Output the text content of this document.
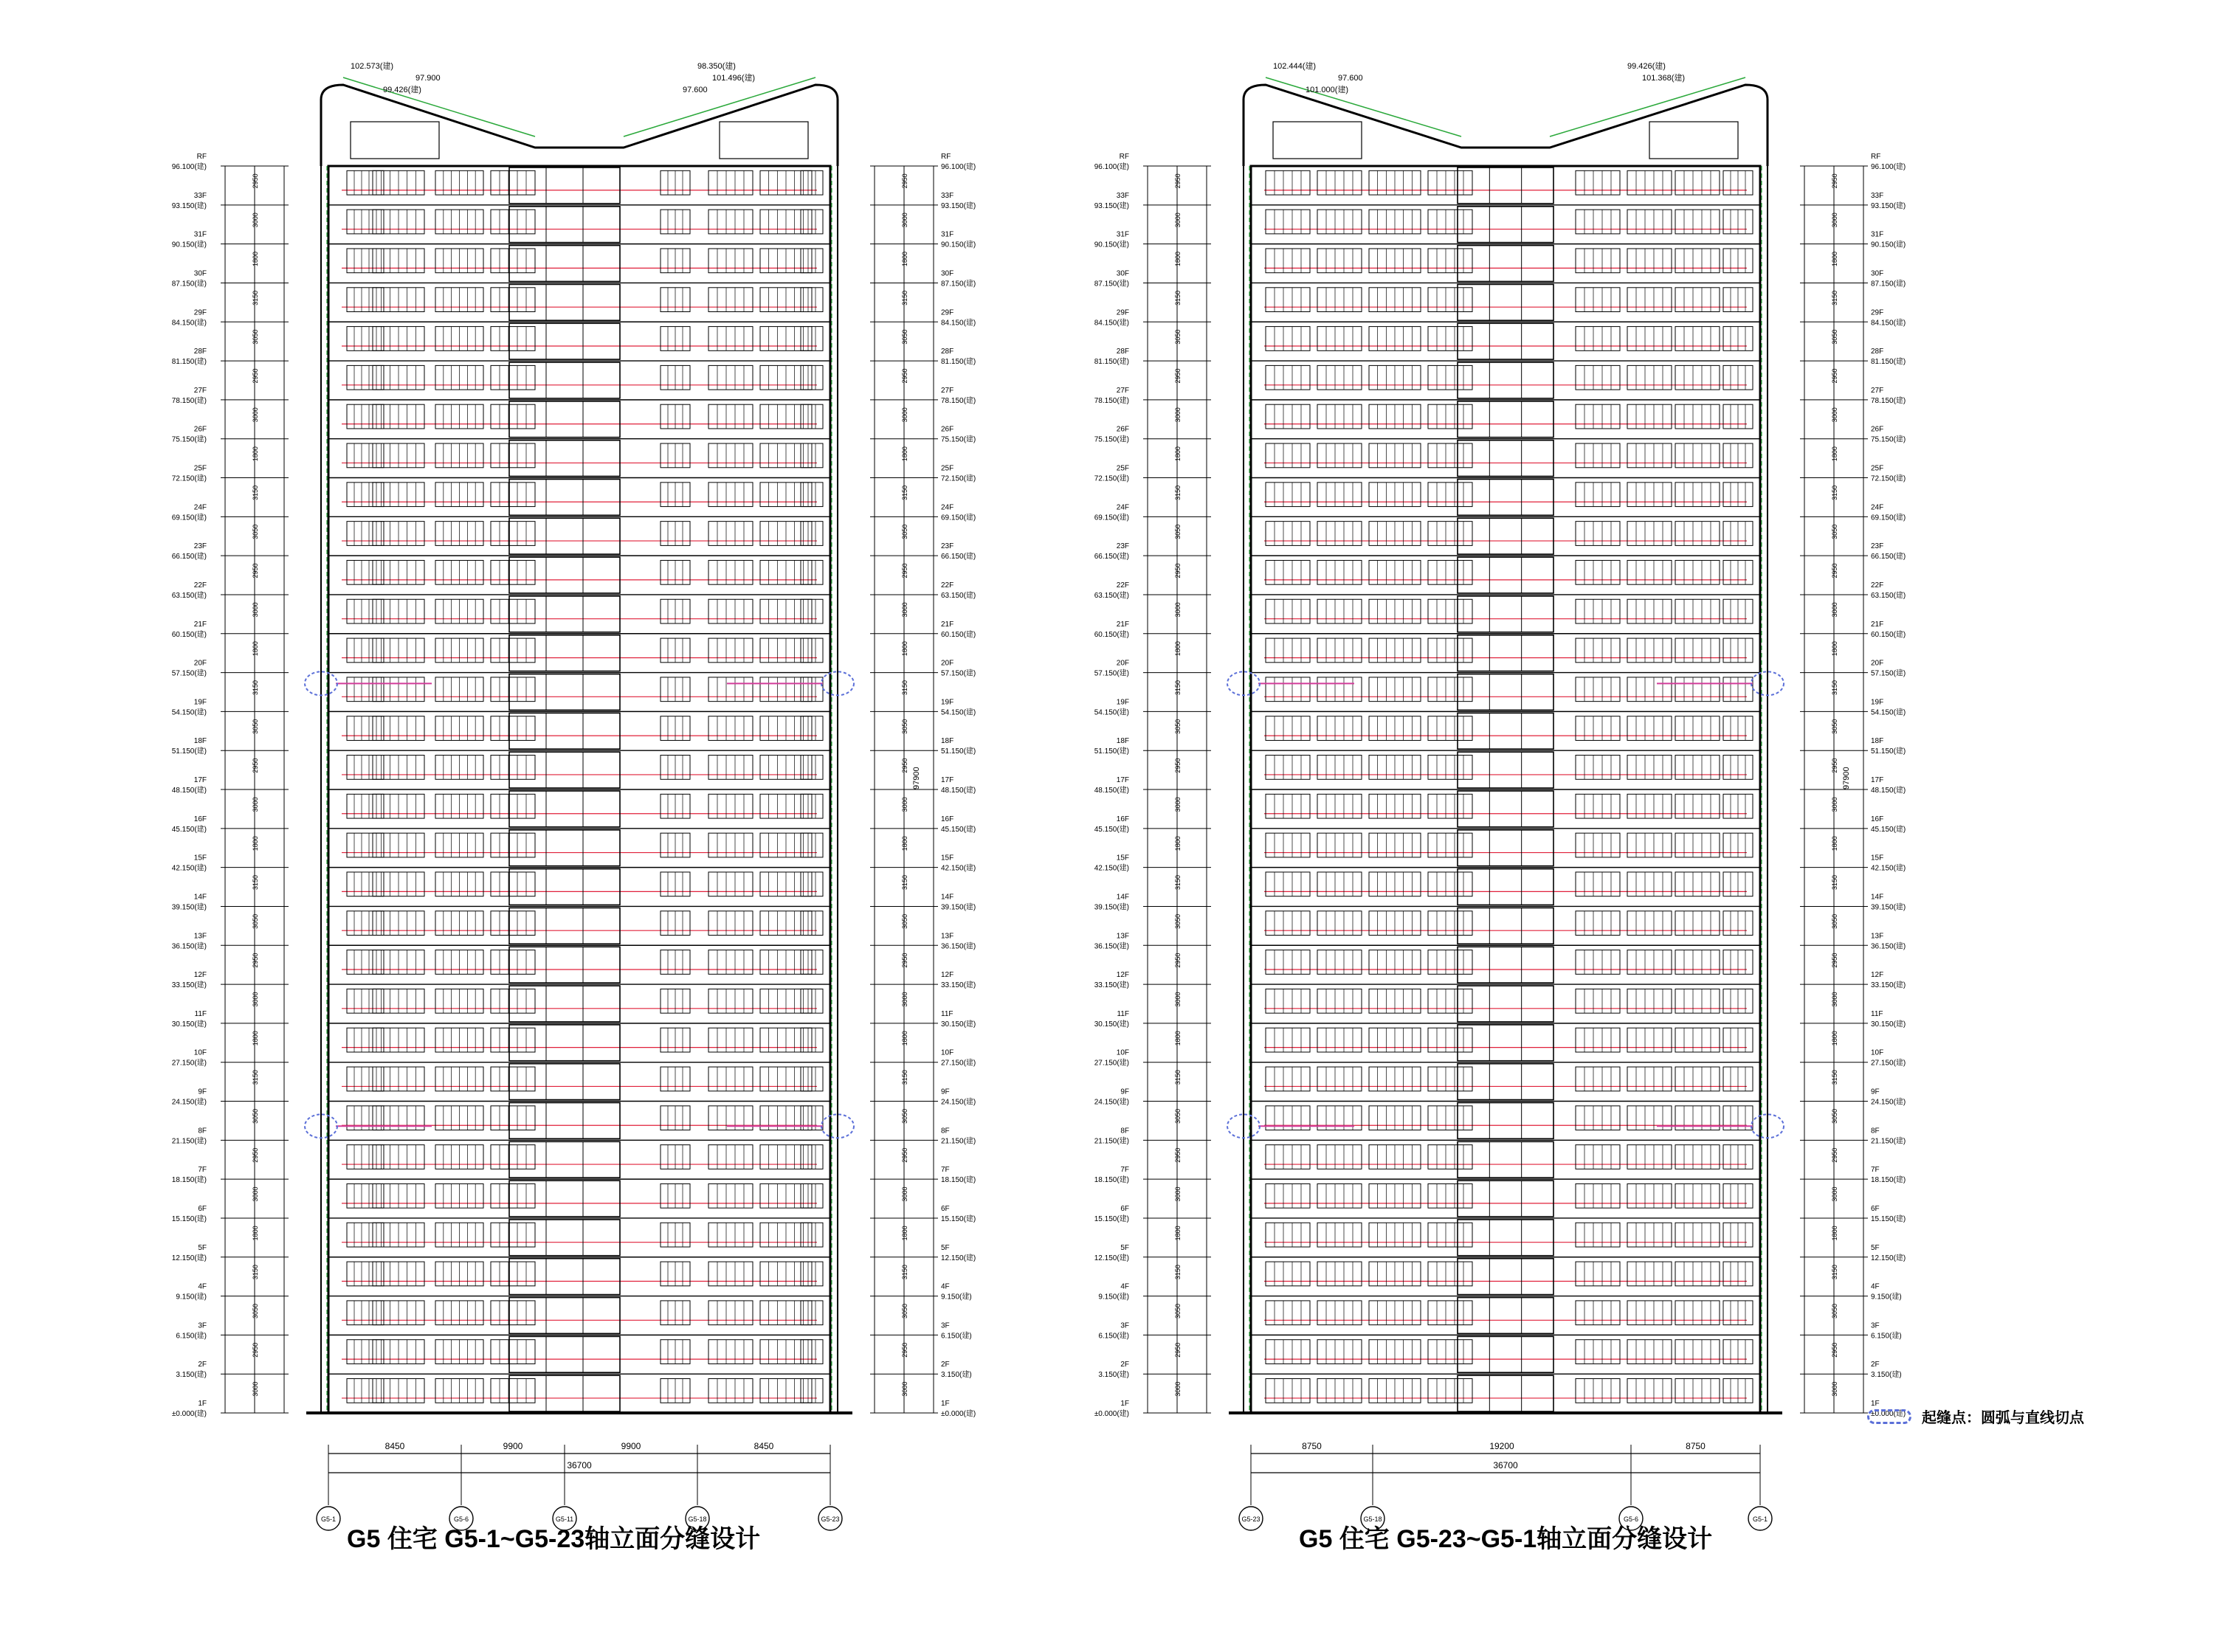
102.573(建)
101.496(建)
99.426(建)
98.350(建)
97.900
97.600
RF
96.100(建)
2950
33F
93.150(建)
3000
31F
90.150(建)
1800
30F
87.150(建)
3150
29F
84.150(建)
3050
28F
81.150(建)
2950
27F
78.150(建)
3000
26F
75.150(建)
1800
25F
72.150(建)
3150
24F
69.150(建)
3050
23F
66.150(建)
2950
22F
63.150(建)
3000
21F
60.150(建)
1800
20F
57.150(建)
3150
19F
54.150(建)
3050
18F
51.150(建)
2950
17F
48.150(建)
3000
16F
45.150(建)
1800
15F
42.150(建)
3150
14F
39.150(建)
3050
13F
36.150(建)
2950
12F
33.150(建)
3000
11F
30.150(建)
1800
10F
27.150(建)
3150
9F
24.150(建)
3050
8F
21.150(建)
2950
7F
18.150(建)
3000
6F
15.150(建)
1800
5F
12.150(建)
3150
4F
9.150(建)
3050
3F
6.150(建)
2950
2F
3.150(建)
3000
1F
±0.000(建)
RF
96.100(建)
2950
33F
93.150(建)
3000
31F
90.150(建)
1800
30F
87.150(建)
3150
29F
84.150(建)
3050
28F
81.150(建)
2950
27F
78.150(建)
3000
26F
75.150(建)
1800
25F
72.150(建)
3150
24F
69.150(建)
3050
23F
66.150(建)
2950
22F
63.150(建)
3000
21F
60.150(建)
1800
20F
57.150(建)
3150
19F
54.150(建)
3050
18F
51.150(建)
2950
17F
48.150(建)
3000
16F
45.150(建)
1800
15F
42.150(建)
3150
14F
39.150(建)
3050
13F
36.150(建)
2950
12F
33.150(建)
3000
11F
30.150(建)
1800
10F
27.150(建)
3150
9F
24.150(建)
3050
8F
21.150(建)
2950
7F
18.150(建)
3000
6F
15.150(建)
1800
5F
12.150(建)
3150
4F
9.150(建)
3050
3F
6.150(建)
2950
2F
3.150(建)
3000
1F
±0.000(建)
97900
G5-1	G5-6	G5-11	G5-18	G5-23
8450	9900	9900	8450
36700
102.444(建)
101.368(建)
101.000(建)
99.426(建)
97.600
RF
96.100(建)
2950
33F
93.150(建)
3000
31F
90.150(建)
1800
30F
87.150(建)
3150
29F
84.150(建)
3050
28F
81.150(建)
2950
27F
78.150(建)
3000
26F
75.150(建)
1800
25F
72.150(建)
3150
24F
69.150(建)
3050
23F
66.150(建)
2950
22F
63.150(建)
3000
21F
60.150(建)
1800
20F
57.150(建)
3150
19F
54.150(建)
3050
18F
51.150(建)
2950
17F
48.150(建)
3000
16F
45.150(建)
1800
15F
42.150(建)
3150
14F
39.150(建)
3050
13F
36.150(建)
2950
12F
33.150(建)
3000
11F
30.150(建)
1800
10F
27.150(建)
3150
9F
24.150(建)
3050
8F
21.150(建)
2950
7F
18.150(建)
3000
6F
15.150(建)
1800
5F
12.150(建)
3150
4F
9.150(建)
3050
3F
6.150(建)
2950
2F
3.150(建)
3000
1F
±0.000(建)
RF
96.100(建)
2950
33F
93.150(建)
3000
31F
90.150(建)
1800
30F
87.150(建)
3150
29F
84.150(建)
3050
28F
81.150(建)
2950
27F
78.150(建)
3000
26F
75.150(建)
1800
25F
72.150(建)
3150
24F
69.150(建)
3050
23F
66.150(建)
2950
22F
63.150(建)
3000
21F
60.150(建)
1800
20F
57.150(建)
3150
19F
54.150(建)
3050
18F
51.150(建)
2950
17F
48.150(建)
3000
16F
45.150(建)
1800
15F
42.150(建)
3150
14F
39.150(建)
3050
13F
36.150(建)
2950
12F
33.150(建)
3000
11F
30.150(建)
1800
10F
27.150(建)
3150
9F
24.150(建)
3050
8F
21.150(建)
2950
7F
18.150(建)
3000
6F
15.150(建)
1800
5F
12.150(建)
3150
4F
9.150(建)
3050
3F
6.150(建)
2950
2F
3.150(建)
3000
1F
±0.000(建)
97900
G5-23	G5-18	G5-6	G5-1
8750	19200	8750
36700
G5 住宅 G5-1~G5-23轴立面分缝设计	G5 住宅 G5-23~G5-1轴立面分缝设计
起缝点：圆弧与直线切点
